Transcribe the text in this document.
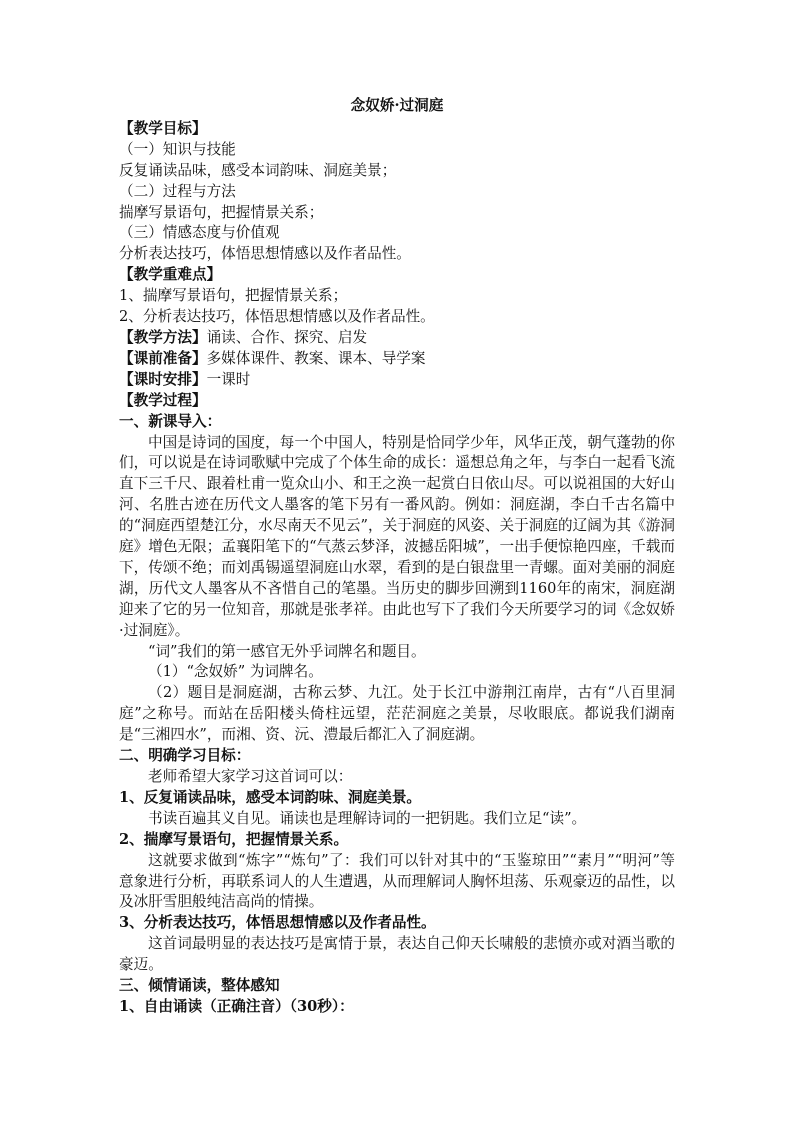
念奴娇·过洞庭
【教学目标】
（一）知识与技能
反复诵读品味，感受本词韵味、洞庭美景；
（二）过程与方法
揣摩写景语句，把握情景关系；
（三）情感态度与价值观
分析表达技巧，体悟思想情感以及作者品性。
【教学重难点】
1、揣摩写景语句，把握情景关系；
2、分析表达技巧，体悟思想情感以及作者品性。
【教学方法】诵读、合作、探究、启发
【课前准备】多媒体课件、教案、课本、导学案
【课时安排】一课时
【教学过程】
一、新课导入：
中国是诗词的国度，每一个中国人，特别是恰同学少年，风华正茂，朝气蓬勃的你们，可以说是在诗词歌赋中完成了个体生命的成长：遥想总角之年，与李白一起看飞流直下三千尺、跟着杜甫一览众山小、和王之涣一起赏白日依山尽。可以说祖国的大好山河、名胜古迹在历代文人墨客的笔下另有一番风韵。例如：洞庭湖，李白千古名篇中的“洞庭西望楚江分，水尽南天不见云”，关于洞庭的风姿、关于洞庭的辽阔为其《游洞庭》增色无限；孟襄阳笔下的“气蒸云梦泽，波撼岳阳城”，一出手便惊艳四座，千载而下，传颂不绝；而刘禹锡遥望洞庭山水翠，看到的是白银盘里一青螺。面对美丽的洞庭湖，历代文人墨客从不吝惜自己的笔墨。当历史的脚步回溯到1160年的南宋，洞庭湖迎来了它的另一位知音，那就是张孝祥。由此也写下了我们今天所要学习的词《念奴娇·过洞庭》。
“词”我们的第一感官无外乎词牌名和题目。
（1）“念奴娇” 为词牌名。
（2）题目是洞庭湖，古称云梦、九江。处于长江中游荆江南岸，古有“八百里洞庭”之称号。而站在岳阳楼头倚柱远望，茫茫洞庭之美景，尽收眼底。都说我们湖南是“三湘四水”，而湘、资、沅、澧最后都汇入了洞庭湖。
二、明确学习目标：
老师希望大家学习这首词可以：
1、反复诵读品味，感受本词韵味、洞庭美景。
书读百遍其义自见。诵读也是理解诗词的一把钥匙。我们立足“读”。
2、揣摩写景语句，把握情景关系。
这就要求做到“炼字”“炼句”了：我们可以针对其中的“玉鉴琼田”“素月”“明河”等意象进行分析，再联系词人的人生遭遇，从而理解词人胸怀坦荡、乐观豪迈的品性，以及冰肝雪胆般纯洁高尚的情操。
3、分析表达技巧，体悟思想情感以及作者品性。
这首词最明显的表达技巧是寓情于景，表达自己仰天长啸般的悲愤亦或对酒当歌的豪迈。
三、倾情诵读，整体感知
1、自由诵读（正确注音）（30秒）：
